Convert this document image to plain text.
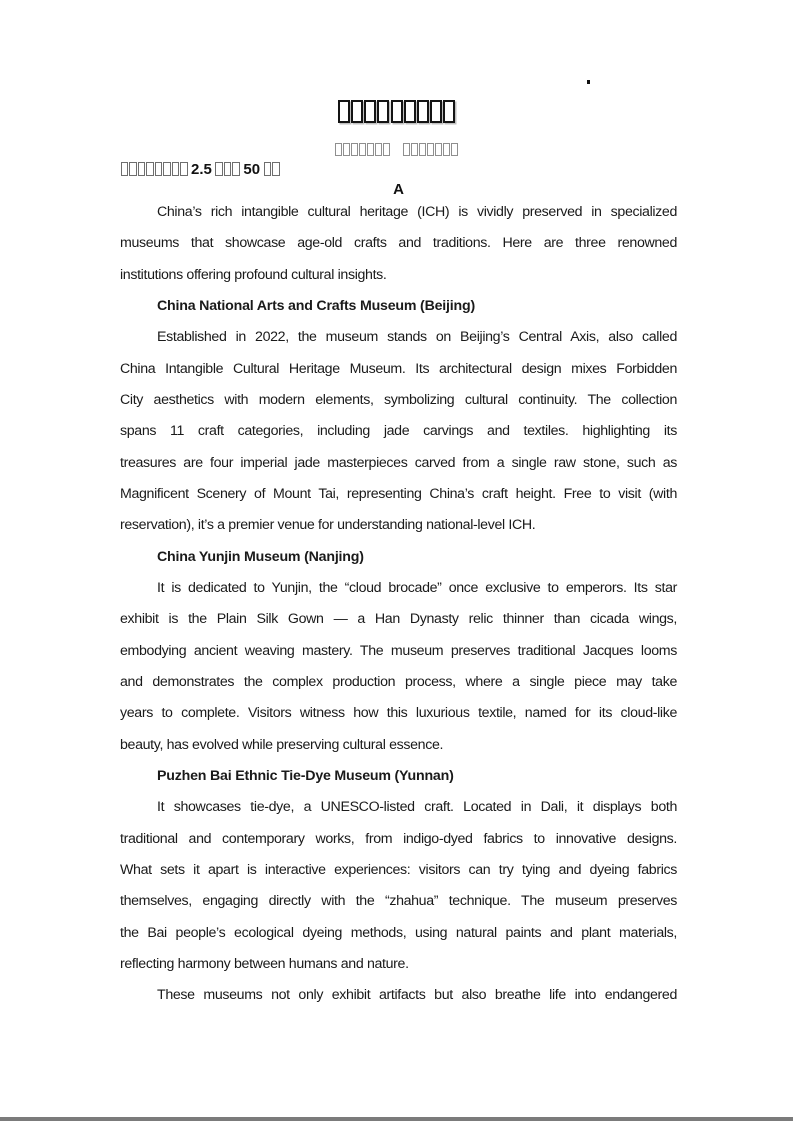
2.5 50
A
China’s rich intangible cultural heritage (ICH) is vividly preserved in specialized
museums that showcase age-old crafts and traditions. Here are three renowned
institutions offering profound cultural insights.
China National Arts and Crafts Museum (Beijing)
Established in 2022, the museum stands on Beijing’s Central Axis, also called
China Intangible Cultural Heritage Museum. Its architectural design mixes Forbidden
City aesthetics with modern elements, symbolizing cultural continuity. The collection
spans 11 craft categories, including jade carvings and textiles. highlighting its
treasures are four imperial jade masterpieces carved from a single raw stone, such as
Magnificent Scenery of Mount Tai, representing China’s craft height. Free to visit (with
reservation), it’s a premier venue for understanding national-level ICH.
China Yunjin Museum (Nanjing)
It is dedicated to Yunjin, the “cloud brocade” once exclusive to emperors. Its star
exhibit is the Plain Silk Gown — a Han Dynasty relic thinner than cicada wings,
embodying ancient weaving mastery. The museum preserves traditional Jacques looms
and demonstrates the complex production process, where a single piece may take
years to complete. Visitors witness how this luxurious textile, named for its cloud-like
beauty, has evolved while preserving cultural essence.
Puzhen Bai Ethnic Tie-Dye Museum (Yunnan)
It showcases tie-dye, a UNESCO-listed craft. Located in Dali, it displays both
traditional and contemporary works, from indigo-dyed fabrics to innovative designs.
What sets it apart is interactive experiences: visitors can try tying and dyeing fabrics
themselves, engaging directly with the “zhahua” technique. The museum preserves
the Bai people’s ecological dyeing methods, using natural paints and plant materials,
reflecting harmony between humans and nature.
These museums not only exhibit artifacts but also breathe life into endangered
